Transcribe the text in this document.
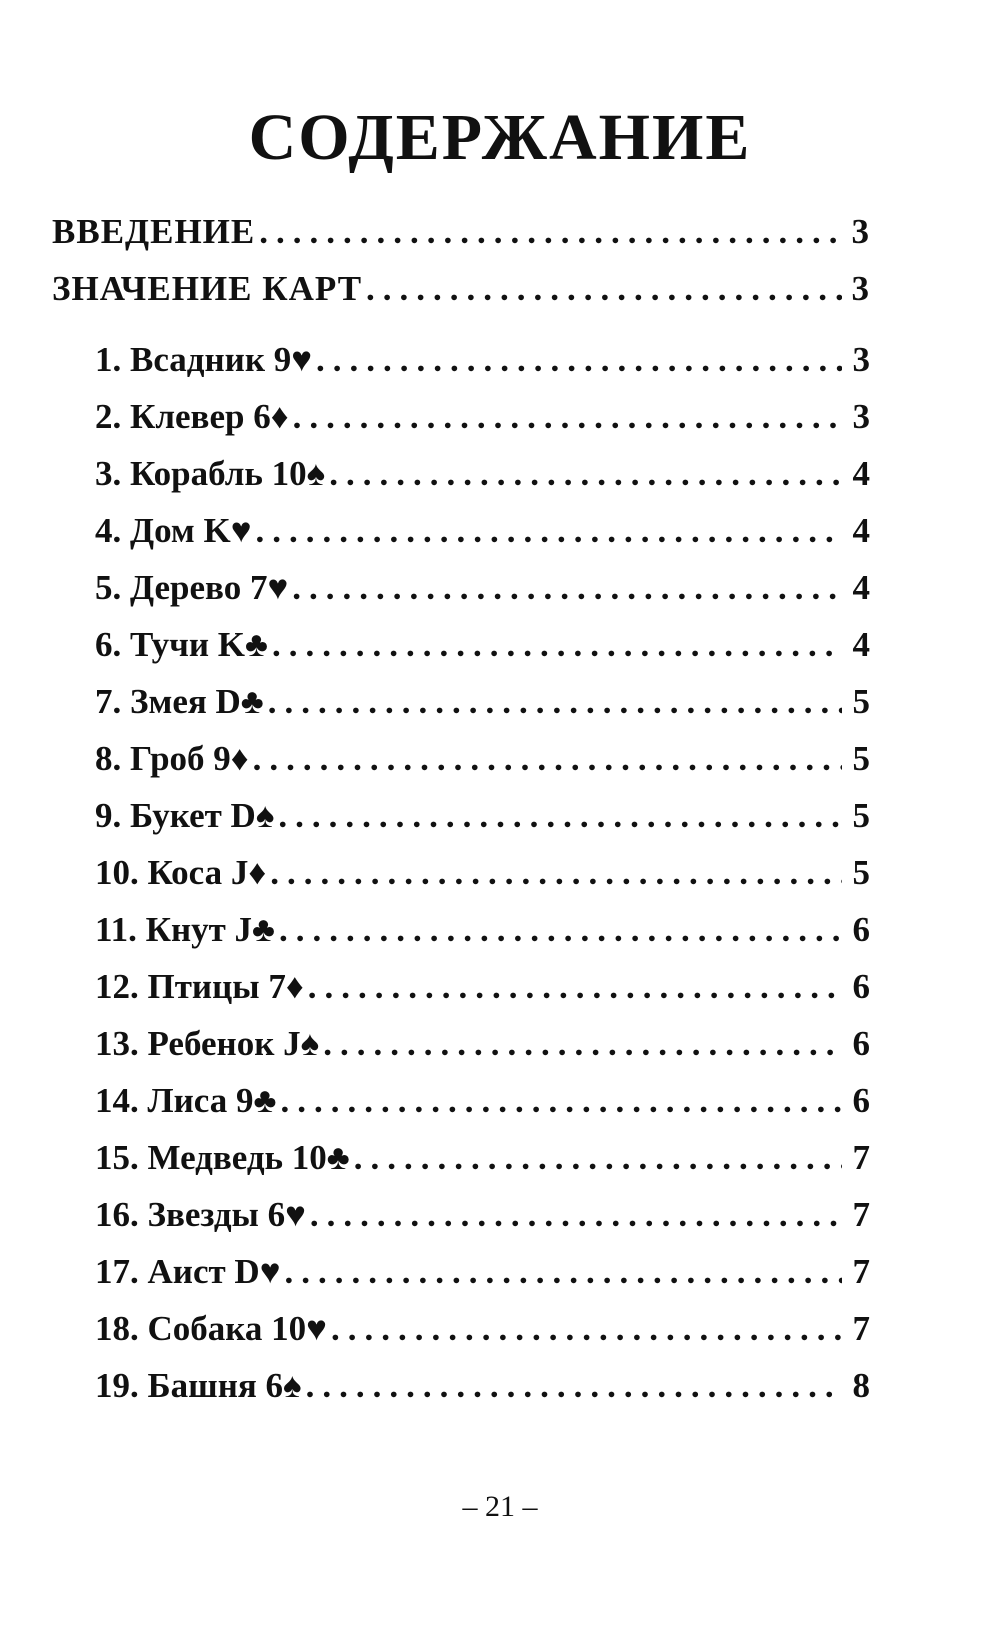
СОДЕРЖАНИЕ
ВВЕДЕНИЕ .....	3
ЗНАЧЕНИЕ КАРТ .....	3
1. Всадник 9♥ .....	3
2. Клевер 6♦ .....	3
3. Корабль 10♠ .....	4
4. Дом K♥ .....	4
5. Дерево 7♥ .....	4
6. Тучи K♣ .....	4
7. Змея D♣ .....	5
8. Гроб 9♦ .....	5
9. Букет D♠ .....	5
10. Коса J♦ .....	5
11. Кнут J♣ .....	6
12. Птицы 7♦ .....	6
13. Ребенок J♠ .....	6
14. Лиса 9♣ .....	6
15. Медведь 10♣ .....	7
16. Звезды 6♥ .....	7
17. Аист D♥ .....	7
18. Собака 10♥ .....	7
19. Башня 6♠ .....	8
– 21 –
